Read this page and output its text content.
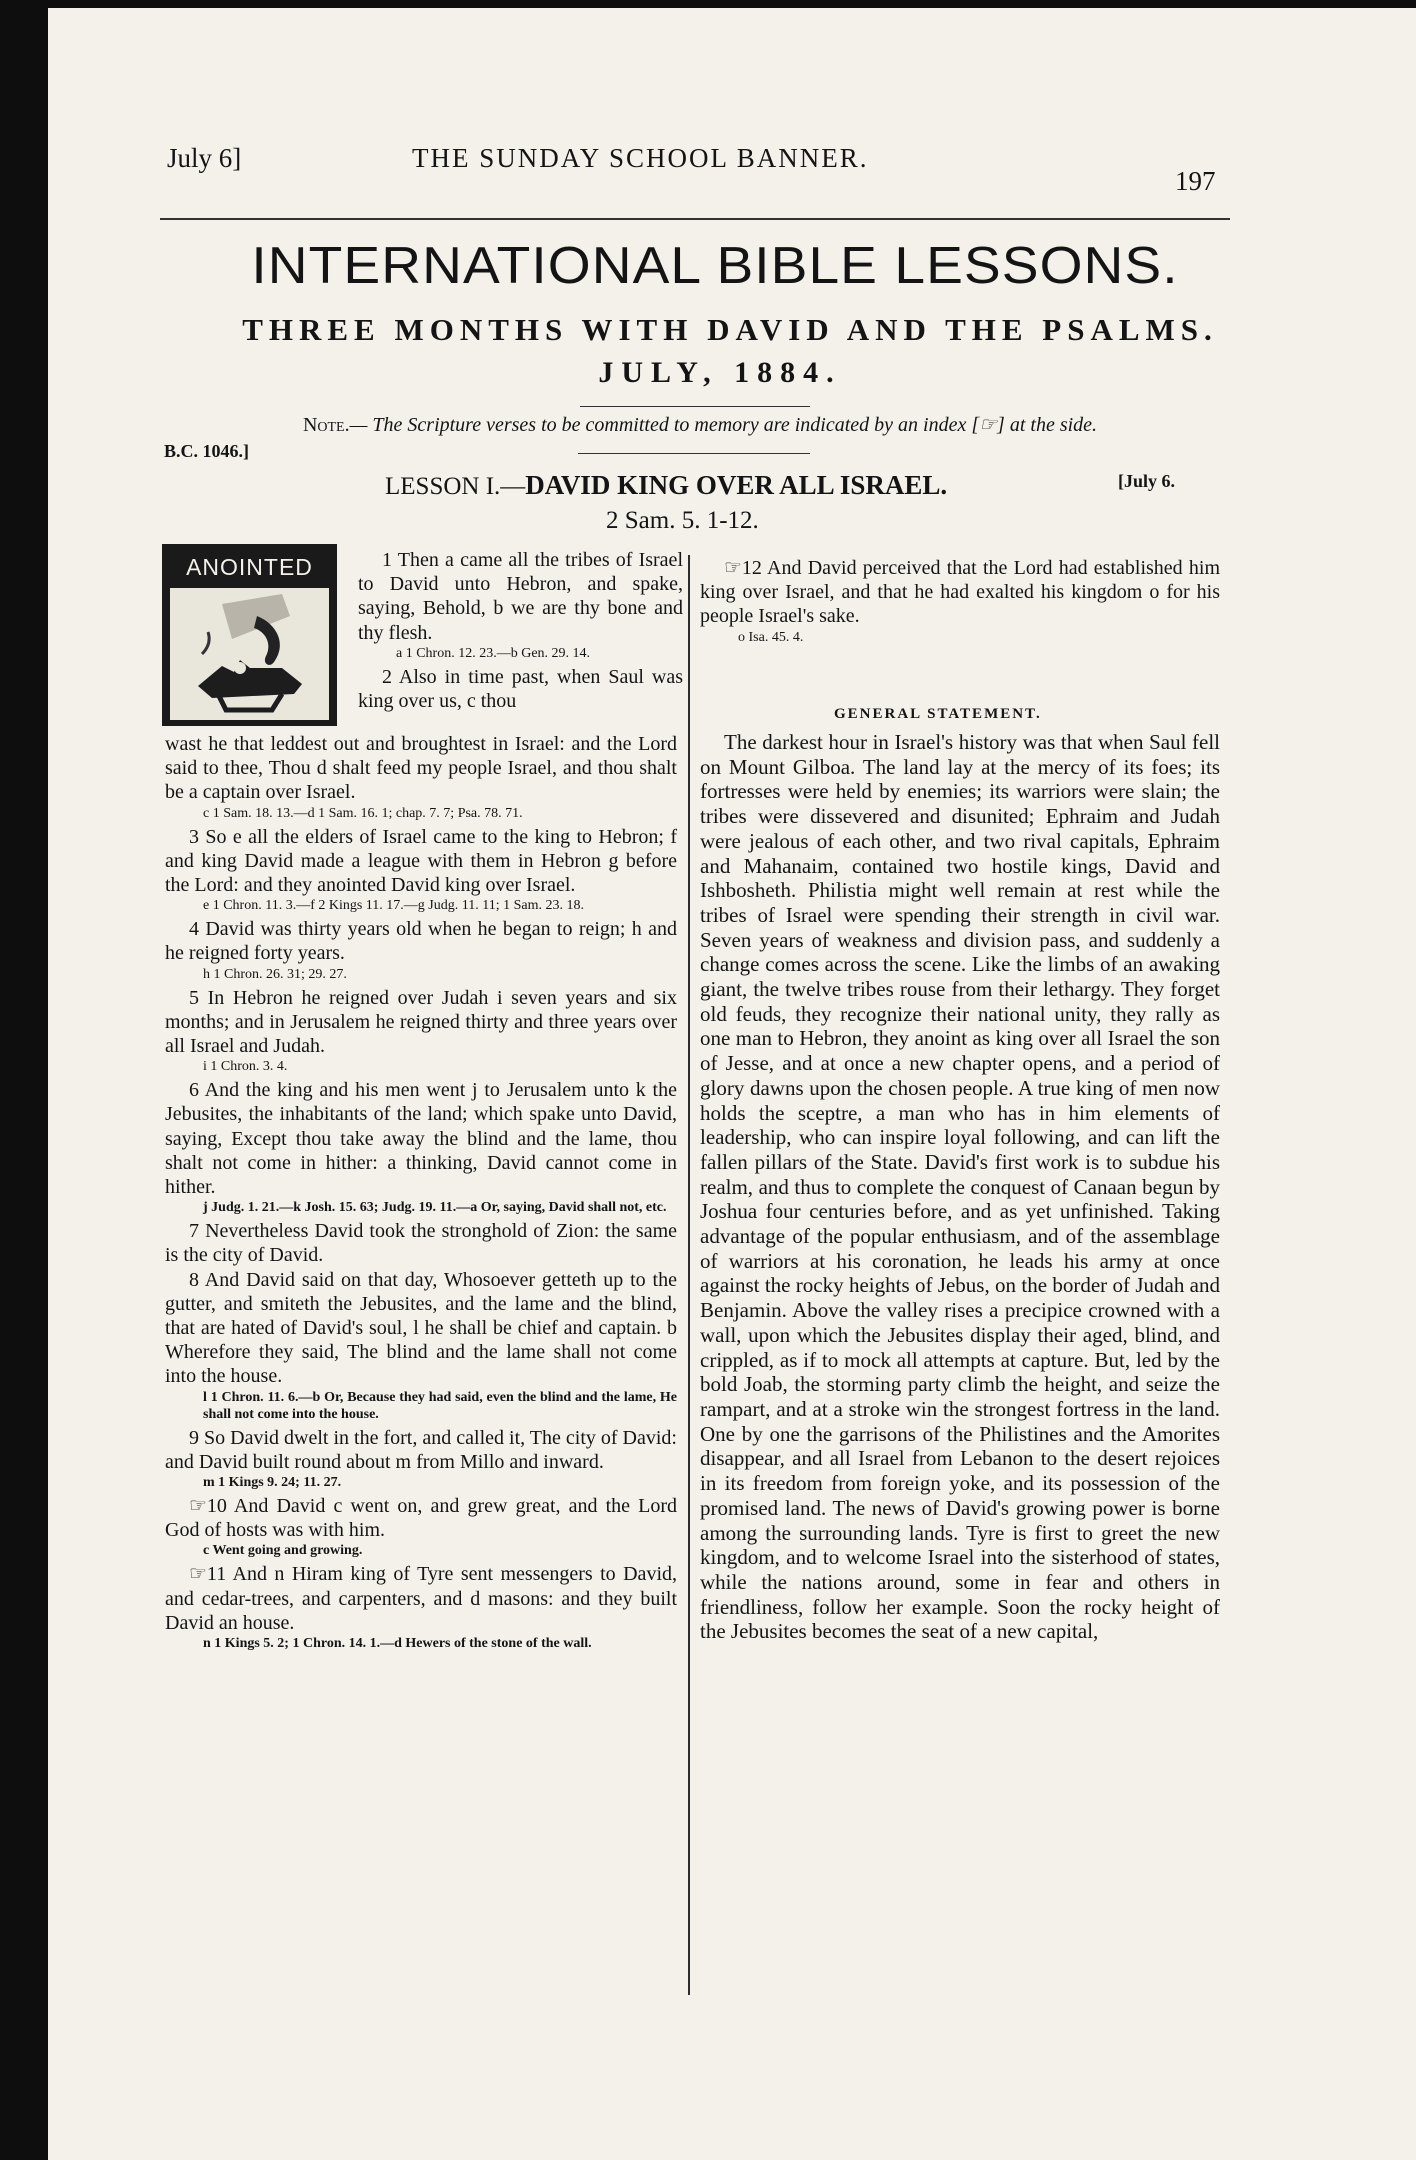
July 6]	THE SUNDAY SCHOOL BANNER.
197
INTERNATIONAL BIBLE LESSONS.
THREE MONTHS WITH DAVID AND THE PSALMS.
JULY, 1884.
Note.— The Scripture verses to be committed to memory are indicated by an index [☞] at the side.
B.C. 1046.]
LESSON I.—DAVID KING OVER ALL ISRAEL.	[July 6.
2 Sam. 5. 1-12.
ANOINTED	1 Then a came all the tribes of Israel to David unto Hebron, and spake, saying, Behold, b we are thy bone and thy flesh.

a 1 Chron. 12. 23.—b Gen. 29. 14.

2 Also in time past, when Saul was king over us, c thou

wast he that leddest out and broughtest in Israel: and the Lord said to thee, Thou d shalt feed my people Israel, and thou shalt be a captain over Israel.

c 1 Sam. 18. 13.—d 1 Sam. 16. 1; chap. 7. 7; Psa. 78. 71.

3 So e all the elders of Israel came to the king to Hebron; f and king David made a league with them in Hebron g before the Lord: and they anointed David king over Israel.

e 1 Chron. 11. 3.—f 2 Kings 11. 17.—g Judg. 11. 11; 1 Sam. 23. 18.

4 David was thirty years old when he began to reign; h and he reigned forty years.

h 1 Chron. 26. 31; 29. 27.

5 In Hebron he reigned over Judah i seven years and six months; and in Jerusalem he reigned thirty and three years over all Israel and Judah.

i 1 Chron. 3. 4.

6 And the king and his men went j to Jerusalem unto k the Jebusites, the inhabitants of the land; which spake unto David, saying, Except thou take away the blind and the lame, thou shalt not come in hither: a thinking, David cannot come in hither.

j Judg. 1. 21.—k Josh. 15. 63; Judg. 19. 11.—a Or, saying, David shall not, etc.

7 Nevertheless David took the stronghold of Zion: the same is the city of David.

8 And David said on that day, Whosoever getteth up to the gutter, and smiteth the Jebusites, and the lame and the blind, that are hated of David's soul, l he shall be chief and captain. b Wherefore they said, The blind and the lame shall not come into the house.

l 1 Chron. 11. 6.—b Or, Because they had said, even the blind and the lame, He shall not come into the house.

9 So David dwelt in the fort, and called it, The city of David: and David built round about m from Millo and inward.

m 1 Kings 9. 24; 11. 27.

☞10 And David c went on, and grew great, and the Lord God of hosts was with him.

c Went going and growing.

☞11 And n Hiram king of Tyre sent messengers to David, and cedar-trees, and carpenters, and d masons: and they built David an house.

n 1 Kings 5. 2; 1 Chron. 14. 1.—d Hewers of the stone of the wall.

☞12 And David perceived that the Lord had established him king over Israel, and that he had exalted his kingdom o for his people Israel's sake.

o Isa. 45. 4.

GENERAL STATEMENT.

The darkest hour in Israel's history was that when Saul fell on Mount Gilboa. The land lay at the mercy of its foes; its fortresses were held by enemies; its warriors were slain; the tribes were dissevered and disunited; Ephraim and Judah were jealous of each other, and two rival capitals, Ephraim and Mahanaim, contained two hostile kings, David and Ishbosheth. Philistia might well remain at rest while the tribes of Israel were spending their strength in civil war. Seven years of weakness and division pass, and suddenly a change comes across the scene. Like the limbs of an awaking giant, the twelve tribes rouse from their lethargy. They forget old feuds, they recognize their national unity, they rally as one man to Hebron, they anoint as king over all Israel the son of Jesse, and at once a new chapter opens, and a period of glory dawns upon the chosen people. A true king of men now holds the sceptre, a man who has in him elements of leadership, who can inspire loyal following, and can lift the fallen pillars of the State. David's first work is to subdue his realm, and thus to complete the conquest of Canaan begun by Joshua four centuries before, and as yet unfinished. Taking advantage of the popular enthusiasm, and of the assemblage of warriors at his coronation, he leads his army at once against the rocky heights of Jebus, on the border of Judah and Benjamin. Above the valley rises a precipice crowned with a wall, upon which the Jebusites display their aged, blind, and crippled, as if to mock all attempts at capture. But, led by the bold Joab, the storming party climb the height, and seize the rampart, and at a stroke win the strongest fortress in the land. One by one the garrisons of the Philistines and the Amorites disappear, and all Israel from Lebanon to the desert rejoices in its freedom from foreign yoke, and its possession of the promised land. The news of David's growing power is borne among the surrounding lands. Tyre is first to greet the new kingdom, and to welcome Israel into the sisterhood of states, while the nations around, some in fear and others in friendliness, follow her example. Soon the rocky height of the Jebusites becomes the seat of a new capital,
